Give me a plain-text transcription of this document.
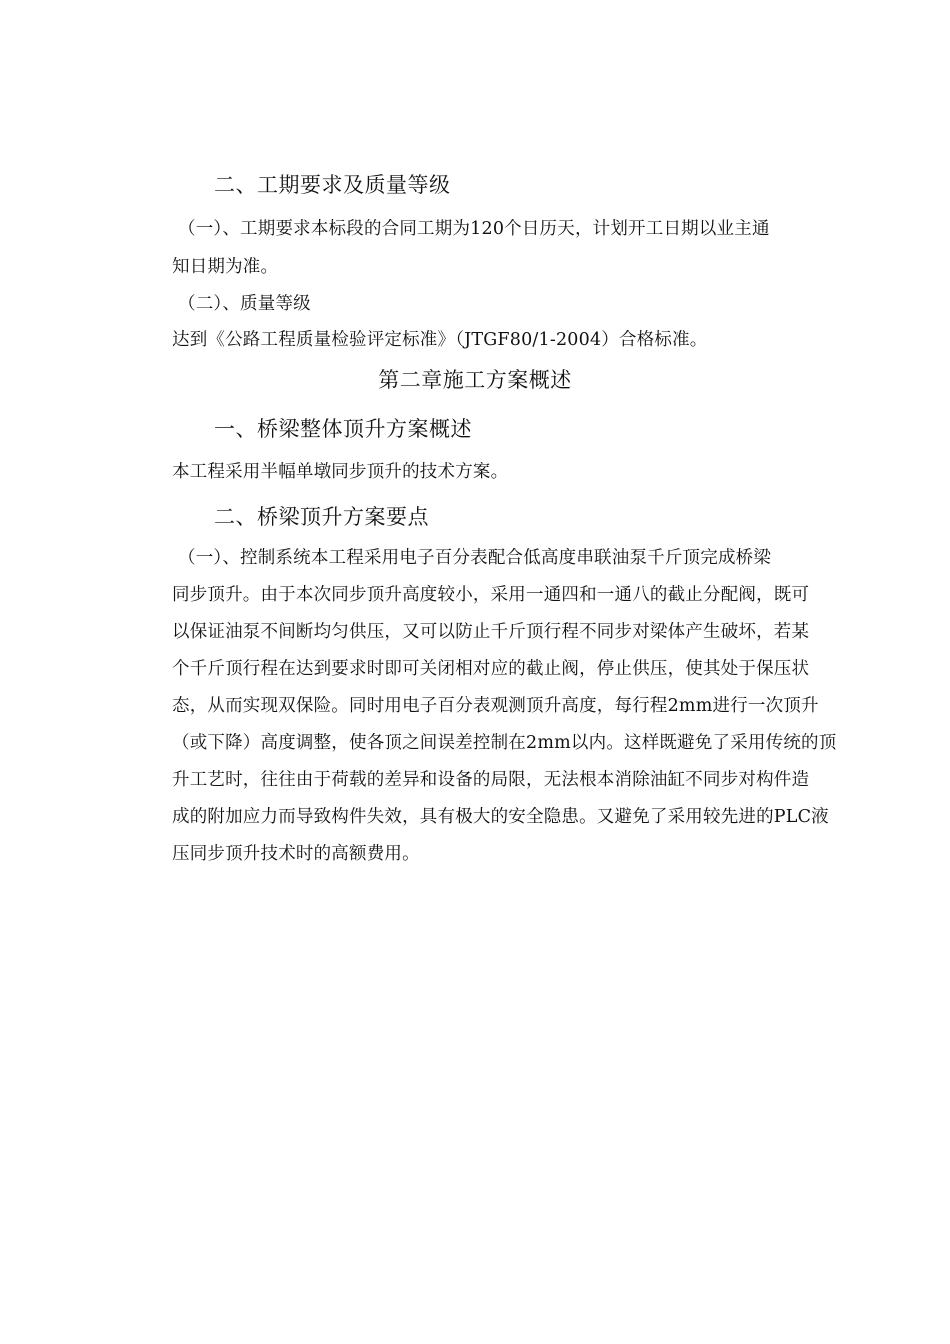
二、工期要求及质量等级
（一）、工期要求本标段的合同工期为120个日历天，计划开工日期以业主通
知日期为准。
（二）、质量等级
达到《公路工程质量检验评定标准》（JTGF80/1-2004）合格标准。
第二章施工方案概述
一、桥梁整体顶升方案概述
本工程采用半幅单墩同步顶升的技术方案。
二、桥梁顶升方案要点
（一）、控制系统本工程采用电子百分表配合低高度串联油泵千斤顶完成桥梁
同步顶升。由于本次同步顶升高度较小，采用一通四和一通八的截止分配阀，既可
以保证油泵不间断均匀供压，又可以防止千斤顶行程不同步对梁体产生破坏，若某
个千斤顶行程在达到要求时即可关闭相对应的截止阀，停止供压，使其处于保压状
态，从而实现双保险。同时用电子百分表观测顶升高度，每行程2mm进行一次顶升
（或下降）高度调整，使各顶之间误差控制在2mm以内。这样既避免了采用传统的顶
升工艺时，往往由于荷载的差异和设备的局限，无法根本消除油缸不同步对构件造
成的附加应力而导致构件失效，具有极大的安全隐患。又避免了采用较先进的PLC液
压同步顶升技术时的高额费用。
